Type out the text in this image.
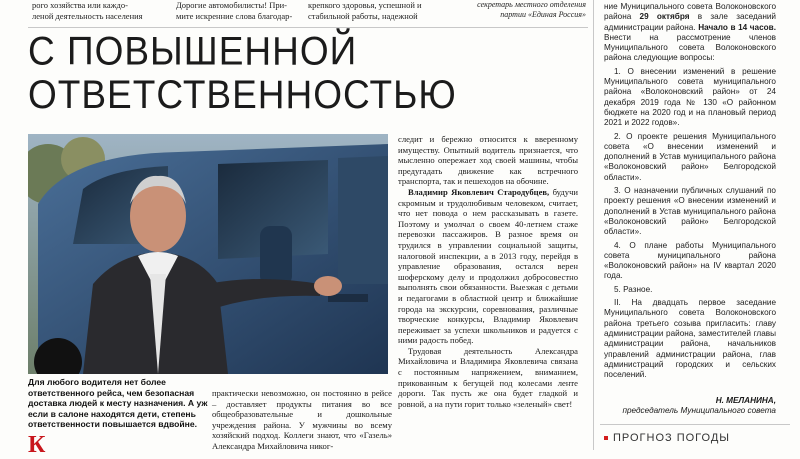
рого хозяйства или каждо-
леной деятельность населения
Дорогие автомобилисты! При-
мите искренние слова благодар-
крепкого здоровья, успешной и
стабильной работы, надежной
секретарь местного отделения
партии «Единая Россия»
С ПОВЫШЕННОЙ
ОТВЕТСТВЕННОСТЬЮ
Для любого водителя нет более ответственного рейса, чем безопасная доставка людей к месту назначения. А уж если в салоне находятся дети, степень ответственности повышается вдвойне.

практически невозможно, он постоянно в рейсе – доставляет продукты питания во все общеобразовательные и дошкольные учреждения района. У мужчины во всему хозяйский подход. Коллеги знают, что «Газель» Александра Михайловича никог-

следит и бережно относится к вверенному имуществу. Опытный водитель признается, что мысленно опережает ход своей машины, чтобы предугадать движение как встречного транспорта, так и пешеходов на обочине.

Владимир Яковлевич Стародубцев, будучи скромным и трудолюбивым человеком, считает, что нет повода о нем рассказывать в газете. Поэтому и умолчал о своем 40-летнем стаже перевозки пассажиров. В разное время он трудился в управлении социальной защиты, налоговой инспекции, а в 2013 году, перейдя в управление образования, остался верен шоферскому делу и продолжил добросовестно выполнять свои обязанности. Выезжая с детьми и педагогами в областной центр и ближайшие города на экскурсии, соревнования, различные творческие конкурсы, Владимир Яковлевич переживает за успехи школьников и радуется с ними радость побед.

Трудовая деятельность Александра Михайловича и Владимира Яковлевича связана с постоянным напряжением, вниманием, прикованным к бегущей под колесами ленте дороги. Так пусть же она будет гладкой и ровной, а на пути горит только «зеленый» свет!

К

ние Муниципального совета Волоконовского района 29 октября в зале заседаний администрации района. Начало в 14 часов. Внести на рассмотрение членов Муниципального совета Волоконовского района следующие вопросы:

1. О внесении изменений в решение Муниципального совета муниципального района «Волоконовский район» от 24 декабря 2019 года № 130 «О районном бюджете на 2020 год и на плановый период 2021 и 2022 годов».

2. О проекте решения Муниципального совета «О внесении изменений и дополнений в Устав муниципального района «Волоконовский район» Белгородской области».

3. О назначении публичных слушаний по проекту решения «О внесении изменений и дополнений в Устав муниципального района «Волоконовский район» Белгородской области».

4. О плане работы Муниципального совета муниципального района «Волоконовский район» на IV квартал 2020 года.

5. Разное.

II. На двадцать первое заседание Муниципального совета Волоконовского района третьего созыва пригласить: главу администрации района, заместителей главы администрации района, начальников управлений администрации района, глав администраций городских и сельских поселений.

Н. МЕЛАНИНА,
председатель Муниципального совета
ПРОГНОЗ ПОГОДЫ
